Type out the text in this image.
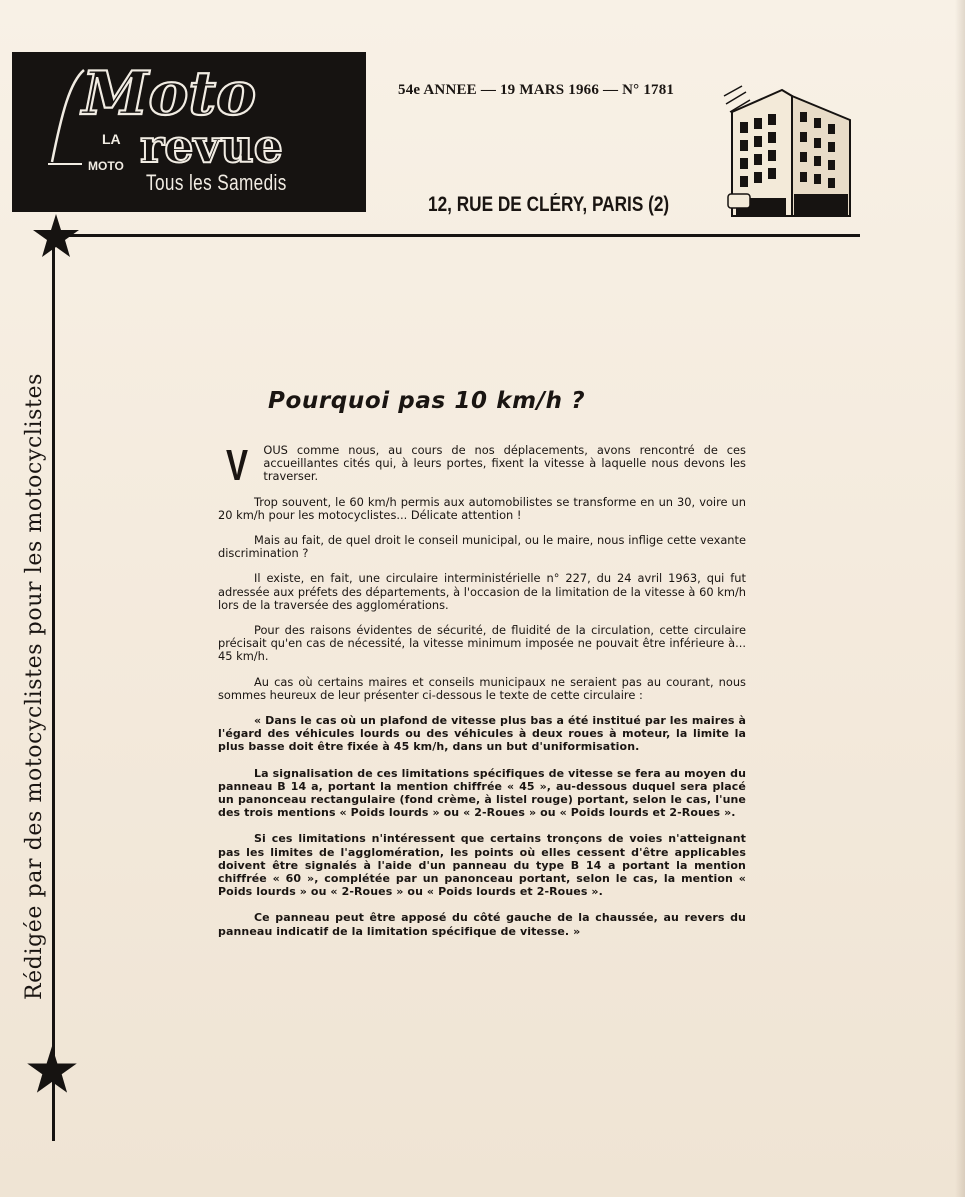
Moto
LA
MOTO revue
Tous les Samedis
54e ANNEE — 19 MARS 1966 — N° 1781
12, RUE DE CLÉRY, PARIS (2)
Rédigée par des motocyclistes pour les motocyclistes	Pourquoi pas 10 km/h ?

V OUS comme nous, au cours de nos déplacements, avons rencontré de ces accueillantes cités qui, à leurs portes, fixent la vitesse à laquelle nous devons les traverser.

Trop souvent, le 60 km/h permis aux automobilistes se transforme en un 30, voire un 20 km/h pour les motocyclistes... Délicate attention !

Mais au fait, de quel droit le conseil municipal, ou le maire, nous inflige cette vexante discrimination ?

Il existe, en fait, une circulaire interministérielle n° 227, du 24 avril 1963, qui fut adressée aux préfets des départements, à l'occasion de la limitation de la vitesse à 60 km/h lors de la traversée des agglomérations.

Pour des raisons évidentes de sécurité, de fluidité de la circulation, cette circulaire précisait qu'en cas de nécessité, la vitesse minimum imposée ne pouvait être inférieure à... 45 km/h.

Au cas où certains maires et conseils municipaux ne seraient pas au courant, nous sommes heureux de leur présenter ci-dessous le texte de cette circulaire :

« Dans le cas où un plafond de vitesse plus bas a été institué par les maires à l'égard des véhicules lourds ou des véhicules à deux roues à moteur, la limite la plus basse doit être fixée à 45 km/h, dans un but d'uniformisation.

La signalisation de ces limitations spécifiques de vitesse se fera au moyen du panneau B 14 a, portant la mention chiffrée « 45 », au-dessous duquel sera placé un panonceau rectangulaire (fond crème, à listel rouge) portant, selon le cas, l'une des trois mentions « Poids lourds » ou « 2-Roues » ou « Poids lourds et 2-Roues ».

Si ces limitations n'intéressent que certains tronçons de voies n'atteignant pas les limites de l'agglomération, les points où elles cessent d'être applicables doivent être signalés à l'aide d'un panneau du type B 14 a portant la mention chiffrée « 60 », complétée par un panonceau portant, selon le cas, la mention « Poids lourds » ou « 2-Roues » ou « Poids lourds et 2-Roues ».

Ce panneau peut être apposé du côté gauche de la chaussée, au revers du panneau indicatif de la limitation spécifique de vitesse. »
